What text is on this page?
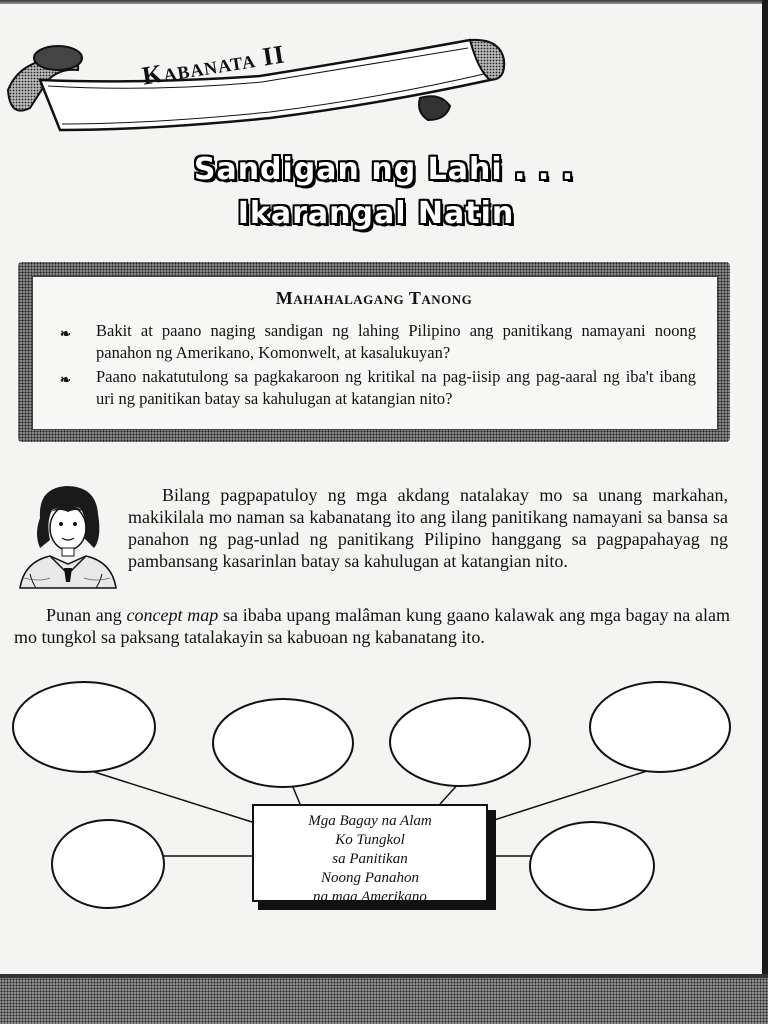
Kabanata II
Sandigan ng Lahi . . .
Ikarangal Natin
Mahahalagang Tanong
❧ Bakit at paano naging sandigan ng lahing Pilipino ang panitikang namayani noong panahon ng Amerikano, Komonwelt, at kasalukuyan?
❧ Paano nakatutulong sa pagkakaroon ng kritikal na pag-iisip ang pag-aaral ng iba't ibang uri ng panitikan batay sa kahulugan at katangian nito?
Bilang pagpapatuloy ng mga akdang natalakay mo sa unang markahan, makikilala mo naman sa kabanatang ito ang ilang panitikang namayani sa bansa sa panahon ng pag-unlad ng panitikang Pilipino hanggang sa pagpapahayag ng pambansang kasarinlan batay sa kahulugan at katangian nito.
Punan ang concept map sa ibaba upang malâman kung gaano kalawak ang mga bagay na alam mo tungkol sa paksang tatalakayin sa kabuoan ng kabanatang ito.
Mga Bagay na Alam
Ko Tungkol
sa Panitikan
Noong Panahon
ng mga Amerikano
